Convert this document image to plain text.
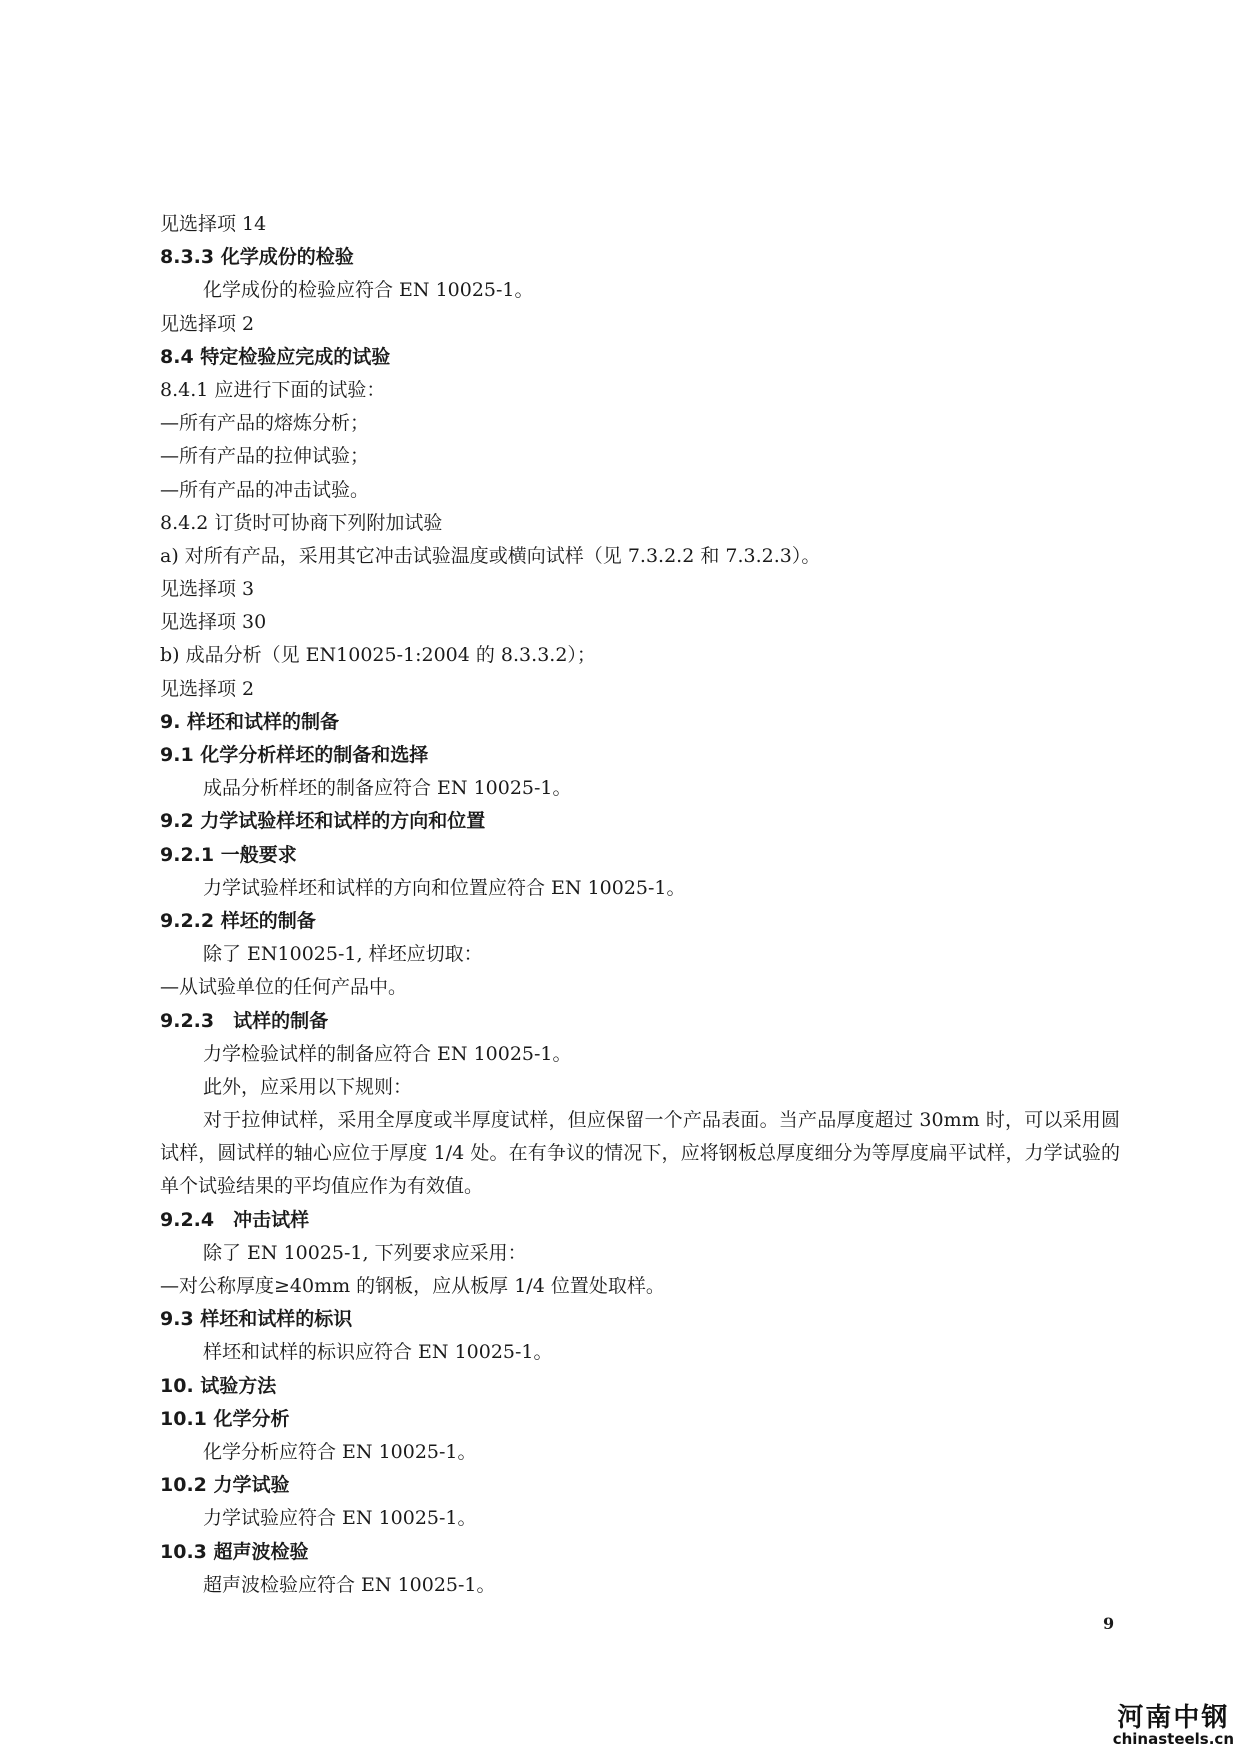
见选择项 14
8.3.3 化学成份的检验
化学成份的检验应符合 EN 10025-1。
见选择项 2
8.4 特定检验应完成的试验
8.4.1 应进行下面的试验：
—所有产品的熔炼分析；
—所有产品的拉伸试验；
—所有产品的冲击试验。
8.4.2 订货时可协商下列附加试验
a) 对所有产品，采用其它冲击试验温度或横向试样（见 7.3.2.2 和 7.3.2.3）。
见选择项 3
见选择项 30
b) 成品分析（见 EN10025-1:2004 的 8.3.3.2）；
见选择项 2
9. 样坯和试样的制备
9.1 化学分析样坯的制备和选择
成品分析样坯的制备应符合 EN 10025-1。
9.2 力学试验样坯和试样的方向和位置
9.2.1 一般要求
力学试验样坯和试样的方向和位置应符合 EN 10025-1。
9.2.2 样坯的制备
除了 EN10025-1, 样坯应切取：
—从试验单位的任何产品中。
9.2.3　试样的制备
力学检验试样的制备应符合 EN 10025-1。
此外，应采用以下规则：
对于拉伸试样，采用全厚度或半厚度试样，但应保留一个产品表面。当产品厚度超过 30mm 时，可以采用圆试样，圆试样的轴心应位于厚度 1/4 处。在有争议的情况下，应将钢板总厚度细分为等厚度扁平试样，力学试验的单个试验结果的平均值应作为有效值。
9.2.4　冲击试样
除了 EN 10025-1, 下列要求应采用：
—对公称厚度≥40mm 的钢板，应从板厚 1/4 位置处取样。
9.3 样坯和试样的标识
样坯和试样的标识应符合 EN 10025-1。
10. 试验方法
10.1 化学分析
化学分析应符合 EN 10025-1。
10.2 力学试验
力学试验应符合 EN 10025-1。
10.3 超声波检验
超声波检验应符合 EN 10025-1。
9
河南中钢
chinasteels.cn
